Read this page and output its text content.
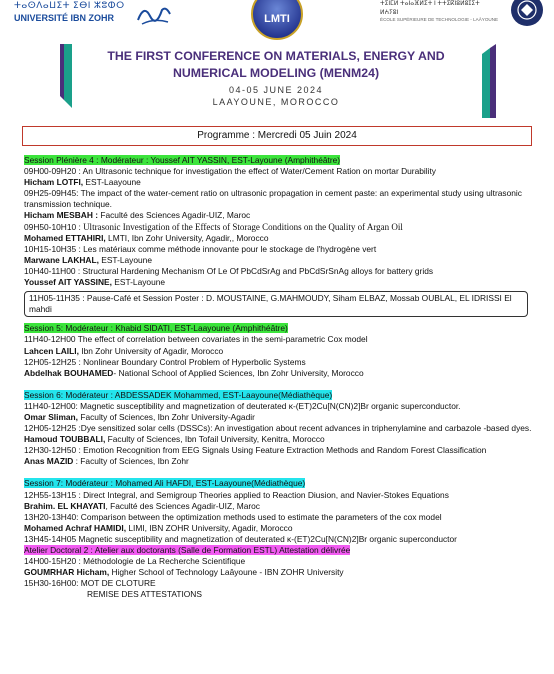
ⵜⴰⵙⴷⴰⵡⵉⵜ ⵉⴱⵏ ⵣⵓⵀⵔ
UNIVERSITÉ IBN ZOHR	LMTI
ⵜⵉⵏⵎⵍ ⵜⴰⵏⴰⴼⵍⵉⵜ ⵏ ⵜⵜⵉⴽⵏⵓⵍⵓⵊⵉⵜ
ⵍⵄⵢⵓⵏ
ÉCOLE SUPÉRIEURE DE TECHNOLOGIE - LAÂYOUNE
THE FIRST CONFERENCE ON MATERIALS, ENERGY AND
NUMERICAL MODELING (MENM24)
04-05 JUNE 2024
LAAYOUNE, MOROCCO
Programme : Mercredi 05 Juin 2024
Session Plénière 4 : Modérateur : Youssef AIT YASSIN, EST-Layoune (Amphithéâtre)
09H00-09H20 : An Ultrasonic technique for investigation the effect of Water/Cement Ration on mortar Durability
Hicham LOTFI, EST-Laayoune
09H25-09H45: The impact of the water-cement ratio on ultrasonic propagation in cement paste: an experimental study using ultrasonic transmission technique.
Hicham MESBAH : Faculté des Sciences Agadir-UIZ, Maroc
09H50-10H10 : Ultrasonic Investigation of the Effects of Storage Conditions on the Quality of Argan Oil
Mohamed ETTAHIRI, LMTI, Ibn Zohr University, Agadir,, Morocco
10H15-10H35 : Les matériaux comme méthode innovante pour le stockage de l'hydrogène vert
Marwane LAKHAL, EST-Layoune
10H40-11H00 : Structural Hardening Mechanism Of Le Of PbCdSrAg and PbCdSrSnAg alloys for battery grids
Youssef AIT YASSINE, EST-Layoune
11H05-11H35 : Pause-Café et Session Poster : D. MOUSTAINE, G.MAHMOUDY, Siham ELBAZ, Mossab OUBLAL, EL IDRISSI El mahdi
Session 5: Modérateur : Khabid SIDATI, EST-Laayoune (Amphithéâtre)
11H40-12H00 The effect of correlation between covariates in the semi-parametric Cox model
Lahcen LAILI, Ibn Zohr University of Agadir, Morocco
12H05-12H25 : Nonlinear Boundary Control Problem of Hyperbolic Systems
Abdelhak BOUHAMED- National School of Applied Sciences, Ibn Zohr University, Morocco
Session 6: Modérateur : ABDESSADEK Mohammed, EST-Laayoune(Médiathèque)
11H40-12H00: Magnetic susceptibility and magnetization of deuterated κ-(ET)2Cu[N(CN)2]Br organic superconductor.
Omar Sliman, Faculty of Sciences, Ibn Zohr University-Agadir
12H05-12H25 :Dye sensitized solar cells (DSSCs): An investigation about recent advances in triphenylamine and carbazole -based dyes.
Hamoud TOUBBALI, Faculty of Sciences, Ibn Tofail University, Kenitra, Morocco
12H30-12H50 : Emotion Recognition from EEG Signals Using Feature Extraction Methods and Random Forest Classification
Anas MAZID : Faculty of Sciences, Ibn Zohr
Session 7: Modérateur : Mohamed Ali HAFDI, EST-Laayoune(Médiathèque)
12H55-13H15 : Direct Integral, and Semigroup Theories applied to Reaction Diusion, and Navier-Stokes Equations
Brahim. EL KHAYATI, Faculté des Sciences Agadir-UIZ, Maroc
13H20-13H40: Comparison between the optimization methods used to estimate the parameters of the cox model
Mohamed Achraf HAMIDI, LIMI, IBN ZOHR University, Agadir, Morocco
13H45-14H05 Magnetic susceptibility and magnetization of deuterated κ-(ET)2Cu[N(CN)2]Br organic superconductor
Atelier Doctoral 2 : Atelier aux doctorants (Salle de Formation ESTL) Attestation délivrée
14H00-15H20 : Méthodologie de La Recherche Scientifique
GOUMRHAR Hicham, Higher School of Technology Laâyoune - IBN ZOHR University
15H30-16H00: MOT DE CLOTURE
REMISE DES ATTESTATIONS
